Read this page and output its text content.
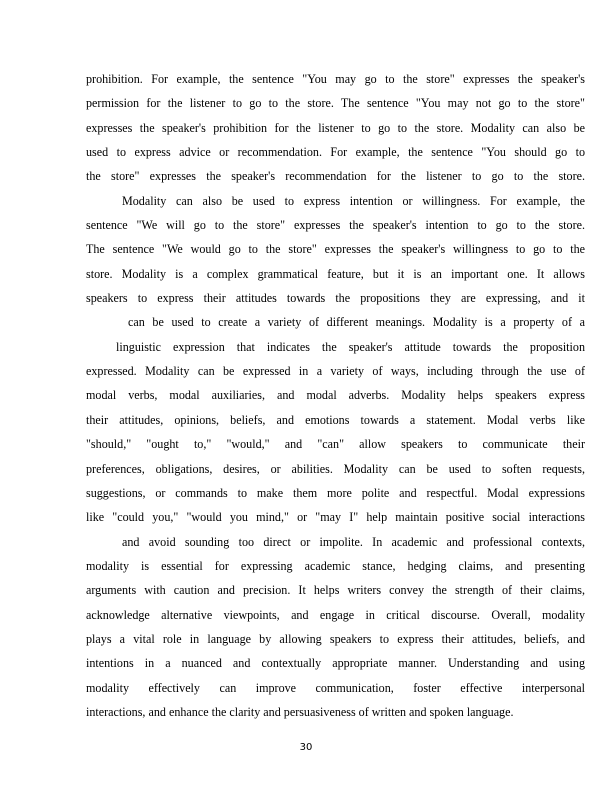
prohibition. For example, the sentence "You may go to the store" expresses the speaker's
permission for the listener to go to the store. The sentence "You may not go to the store"
expresses the speaker's prohibition for the listener to go to the store. Modality can also be
used to express advice or recommendation. For example, the sentence "You should go to
the store" expresses the speaker's recommendation for the listener to go to the store.
Modality can also be used to express intention or willingness. For example, the
sentence "We will go to the store" expresses the speaker's intention to go to the store.
The sentence "We would go to the store" expresses the speaker's willingness to go to the
store. Modality is a complex grammatical feature, but it is an important one. It allows
speakers to express their attitudes towards the propositions they are expressing, and it
can be used to create a variety of different meanings. Modality is a property of a
linguistic expression that indicates the speaker's attitude towards the proposition
expressed. Modality can be expressed in a variety of ways, including through the use of
modal verbs, modal auxiliaries, and modal adverbs. Modality helps speakers express
their attitudes, opinions, beliefs, and emotions towards a statement. Modal verbs like
"should," "ought to," "would," and "can" allow speakers to communicate their
preferences, obligations, desires, or abilities. Modality can be used to soften requests,
suggestions, or commands to make them more polite and respectful. Modal expressions
like "could you," "would you mind," or "may I" help maintain positive social interactions
and avoid sounding too direct or impolite. In academic and professional contexts,
modality is essential for expressing academic stance, hedging claims, and presenting
arguments with caution and precision. It helps writers convey the strength of their claims,
acknowledge alternative viewpoints, and engage in critical discourse. Overall, modality
plays a vital role in language by allowing speakers to express their attitudes, beliefs, and
intentions in a nuanced and contextually appropriate manner. Understanding and using
modality effectively can improve communication, foster effective interpersonal
interactions, and enhance the clarity and persuasiveness of written and spoken language.
30
